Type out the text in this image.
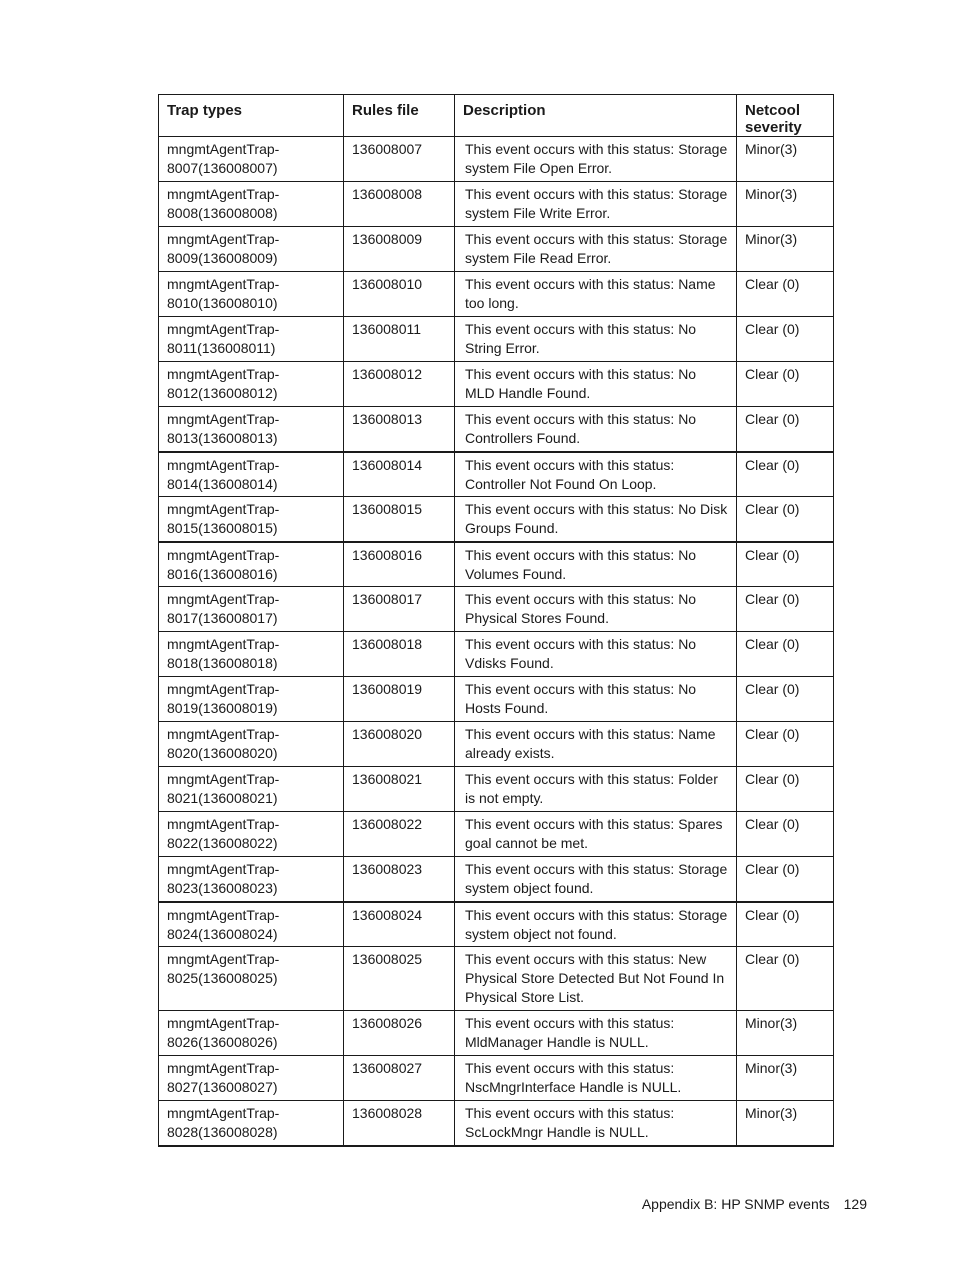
Trap types	Rules file	Description	Netcool
severity

mngmtAgentTrap-
8007(136008007)	136008007	This event occurs with this status: Storage system File Open Error.	Minor(3)

mngmtAgentTrap-
8008(136008008)	136008008	This event occurs with this status: Storage system File Write Error.	Minor(3)

mngmtAgentTrap-
8009(136008009)	136008009	This event occurs with this status: Storage system File Read Error.	Minor(3)

mngmtAgentTrap-
8010(136008010)	136008010	This event occurs with this status: Name too long.	Clear (0)

mngmtAgentTrap-
8011(136008011)	136008011	This event occurs with this status: No String Error.	Clear (0)

mngmtAgentTrap-
8012(136008012)	136008012	This event occurs with this status: No MLD Handle Found.	Clear (0)

mngmtAgentTrap-
8013(136008013)	136008013	This event occurs with this status: No Controllers Found.	Clear (0)

mngmtAgentTrap-
8014(136008014)	136008014	This event occurs with this status: Controller Not Found On Loop.	Clear (0)

mngmtAgentTrap-
8015(136008015)	136008015	This event occurs with this status: No Disk Groups Found.	Clear (0)

mngmtAgentTrap-
8016(136008016)	136008016	This event occurs with this status: No Volumes Found.	Clear (0)

mngmtAgentTrap-
8017(136008017)	136008017	This event occurs with this status: No Physical Stores Found.	Clear (0)

mngmtAgentTrap-
8018(136008018)	136008018	This event occurs with this status: No Vdisks Found.	Clear (0)

mngmtAgentTrap-
8019(136008019)	136008019	This event occurs with this status: No Hosts Found.	Clear (0)

mngmtAgentTrap-
8020(136008020)	136008020	This event occurs with this status: Name already exists.	Clear (0)

mngmtAgentTrap-
8021(136008021)	136008021	This event occurs with this status: Folder is not empty.	Clear (0)

mngmtAgentTrap-
8022(136008022)	136008022	This event occurs with this status: Spares goal cannot be met.	Clear (0)

mngmtAgentTrap-
8023(136008023)	136008023	This event occurs with this status: Storage system object found.	Clear (0)

mngmtAgentTrap-
8024(136008024)	136008024	This event occurs with this status: Storage system object not found.	Clear (0)

mngmtAgentTrap-
8025(136008025)	136008025	This event occurs with this status: New Physical Store Detected But Not Found In Physical Store List.	Clear (0)

mngmtAgentTrap-
8026(136008026)	136008026	This event occurs with this status: MldManager Handle is NULL.	Minor(3)

mngmtAgentTrap-
8027(136008027)	136008027	This event occurs with this status: NscMngrInterface Handle is NULL.	Minor(3)

mngmtAgentTrap-
8028(136008028)	136008028	This event occurs with this status: ScLockMngr Handle is NULL.	Minor(3)
Appendix B: HP SNMP events 129
